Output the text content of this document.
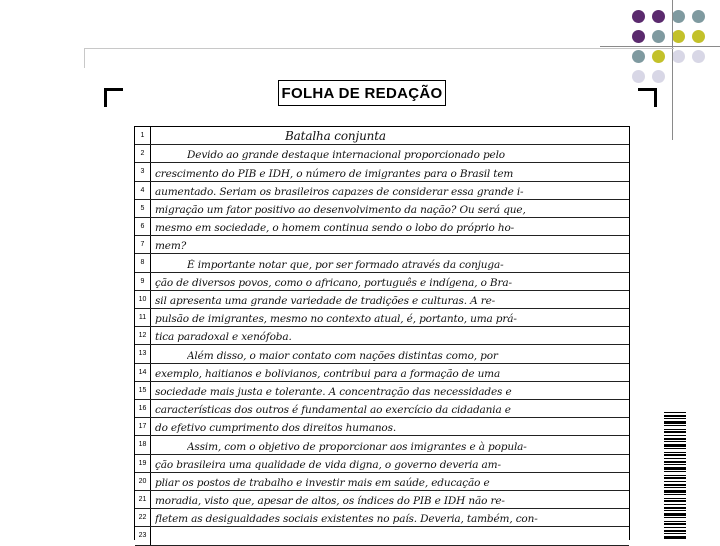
FOLHA DE REDAÇÃO
1	Batalha conjunta
2	Devido ao grande destaque internacional proporcionado pelo
3	crescimento do PIB e IDH, o número de imigrantes para o Brasil tem
4	aumentado. Seriam os brasileiros capazes de considerar essa grande i-
5	migração um fator positivo ao desenvolvimento da nação? Ou será que,
6	mesmo em sociedade, o homem continua sendo o lobo do próprio ho-
7	mem?
8	É importante notar que, por ser formado através da conjuga-
9	ção de diversos povos, como o africano, português e indígena, o Bra-
10 sil apresenta uma grande variedade de tradições e culturas. A re-
11 pulsão de imigrantes, mesmo no contexto atual, é, portanto, uma prá-
12 tica paradoxal e xenófoba.
13	Além disso, o maior contato com nações distintas como, por
14 exemplo, haitianos e bolivianos, contribui para a formação de uma
15 sociedade mais justa e tolerante. A concentração das necessidades e
16 características dos outros é fundamental ao exercício da cidadania e
17 do efetivo cumprimento dos direitos humanos.
18	Assim, com o objetivo de proporcionar aos imigrantes e à popula-
19 ção brasileira uma qualidade de vida digna, o governo deveria am-
20 pliar os postos de trabalho e investir mais em saúde, educação e
21 moradia, visto que, apesar de altos, os índices do PIB e IDH não re-
22 fletem as desigualdades sociais existentes no país. Deveria, também, con-
23
